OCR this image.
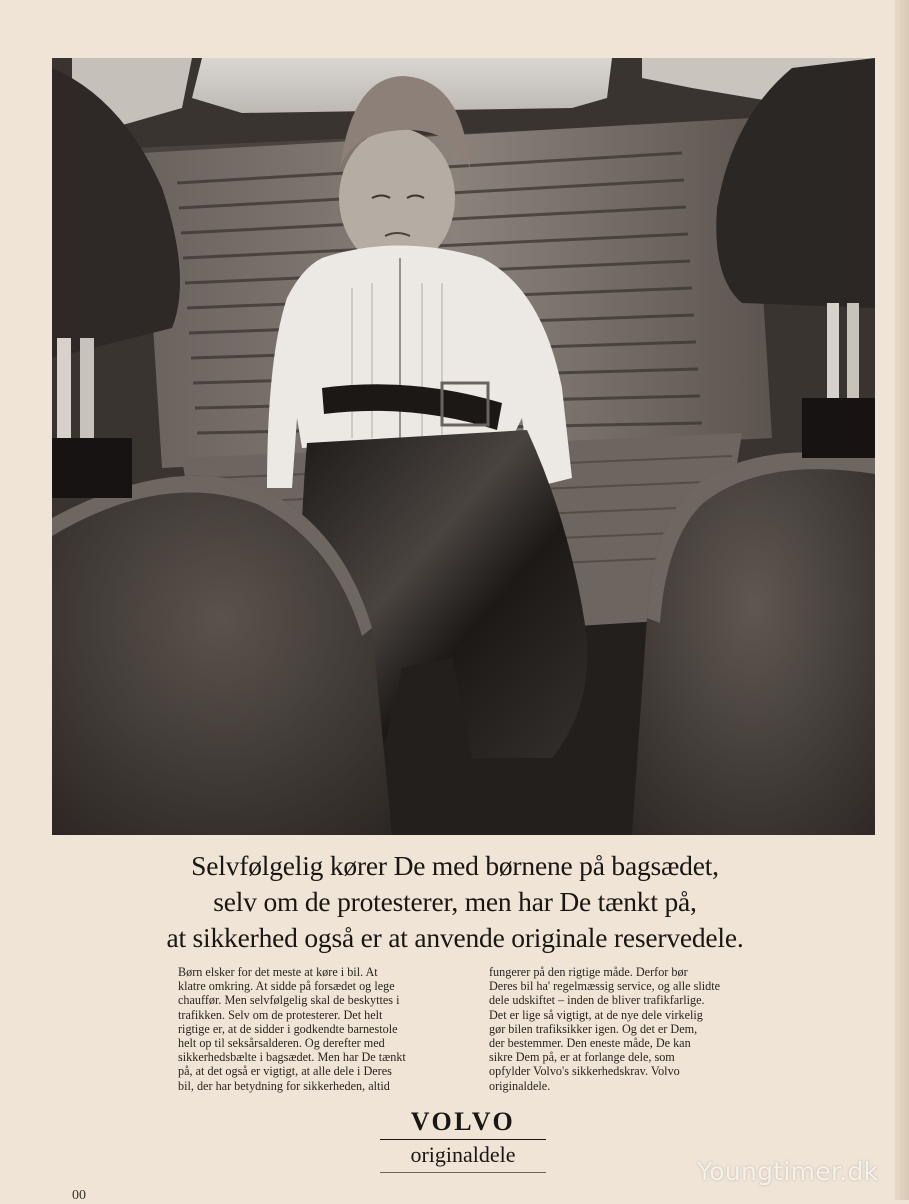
Selvfølgelig kører De med børnene på bagsædet,
selv om de protesterer, men har De tænkt på,
at sikkerhed også er at anvende originale reservedele.
Børn elsker for det meste at køre i bil. At
klatre omkring. At sidde på forsædet og lege
chauffør. Men selvfølgelig skal de beskyttes i
trafikken. Selv om de protesterer. Det helt
rigtige er, at de sidder i godkendte barnestole
helt op til seksårsalderen. Og derefter med
sikkerhedsbælte i bagsædet. Men har De tænkt
på, at det også er vigtigt, at alle dele i Deres
bil, der har betydning for sikkerheden, altid
fungerer på den rigtige måde. Derfor bør
Deres bil ha' regelmæssig service, og alle slidte
dele udskiftet – inden de bliver trafikfarlige.
Det er lige så vigtigt, at de nye dele virkelig
gør bilen trafiksikker igen. Og det er Dem,
der bestemmer. Den eneste måde, De kan
sikre Dem på, er at forlange dele, som
opfylder Volvo's sikkerhedskrav. Volvo
originaldele.
VOLVO
originaldele
Youngtimer.dk
00
